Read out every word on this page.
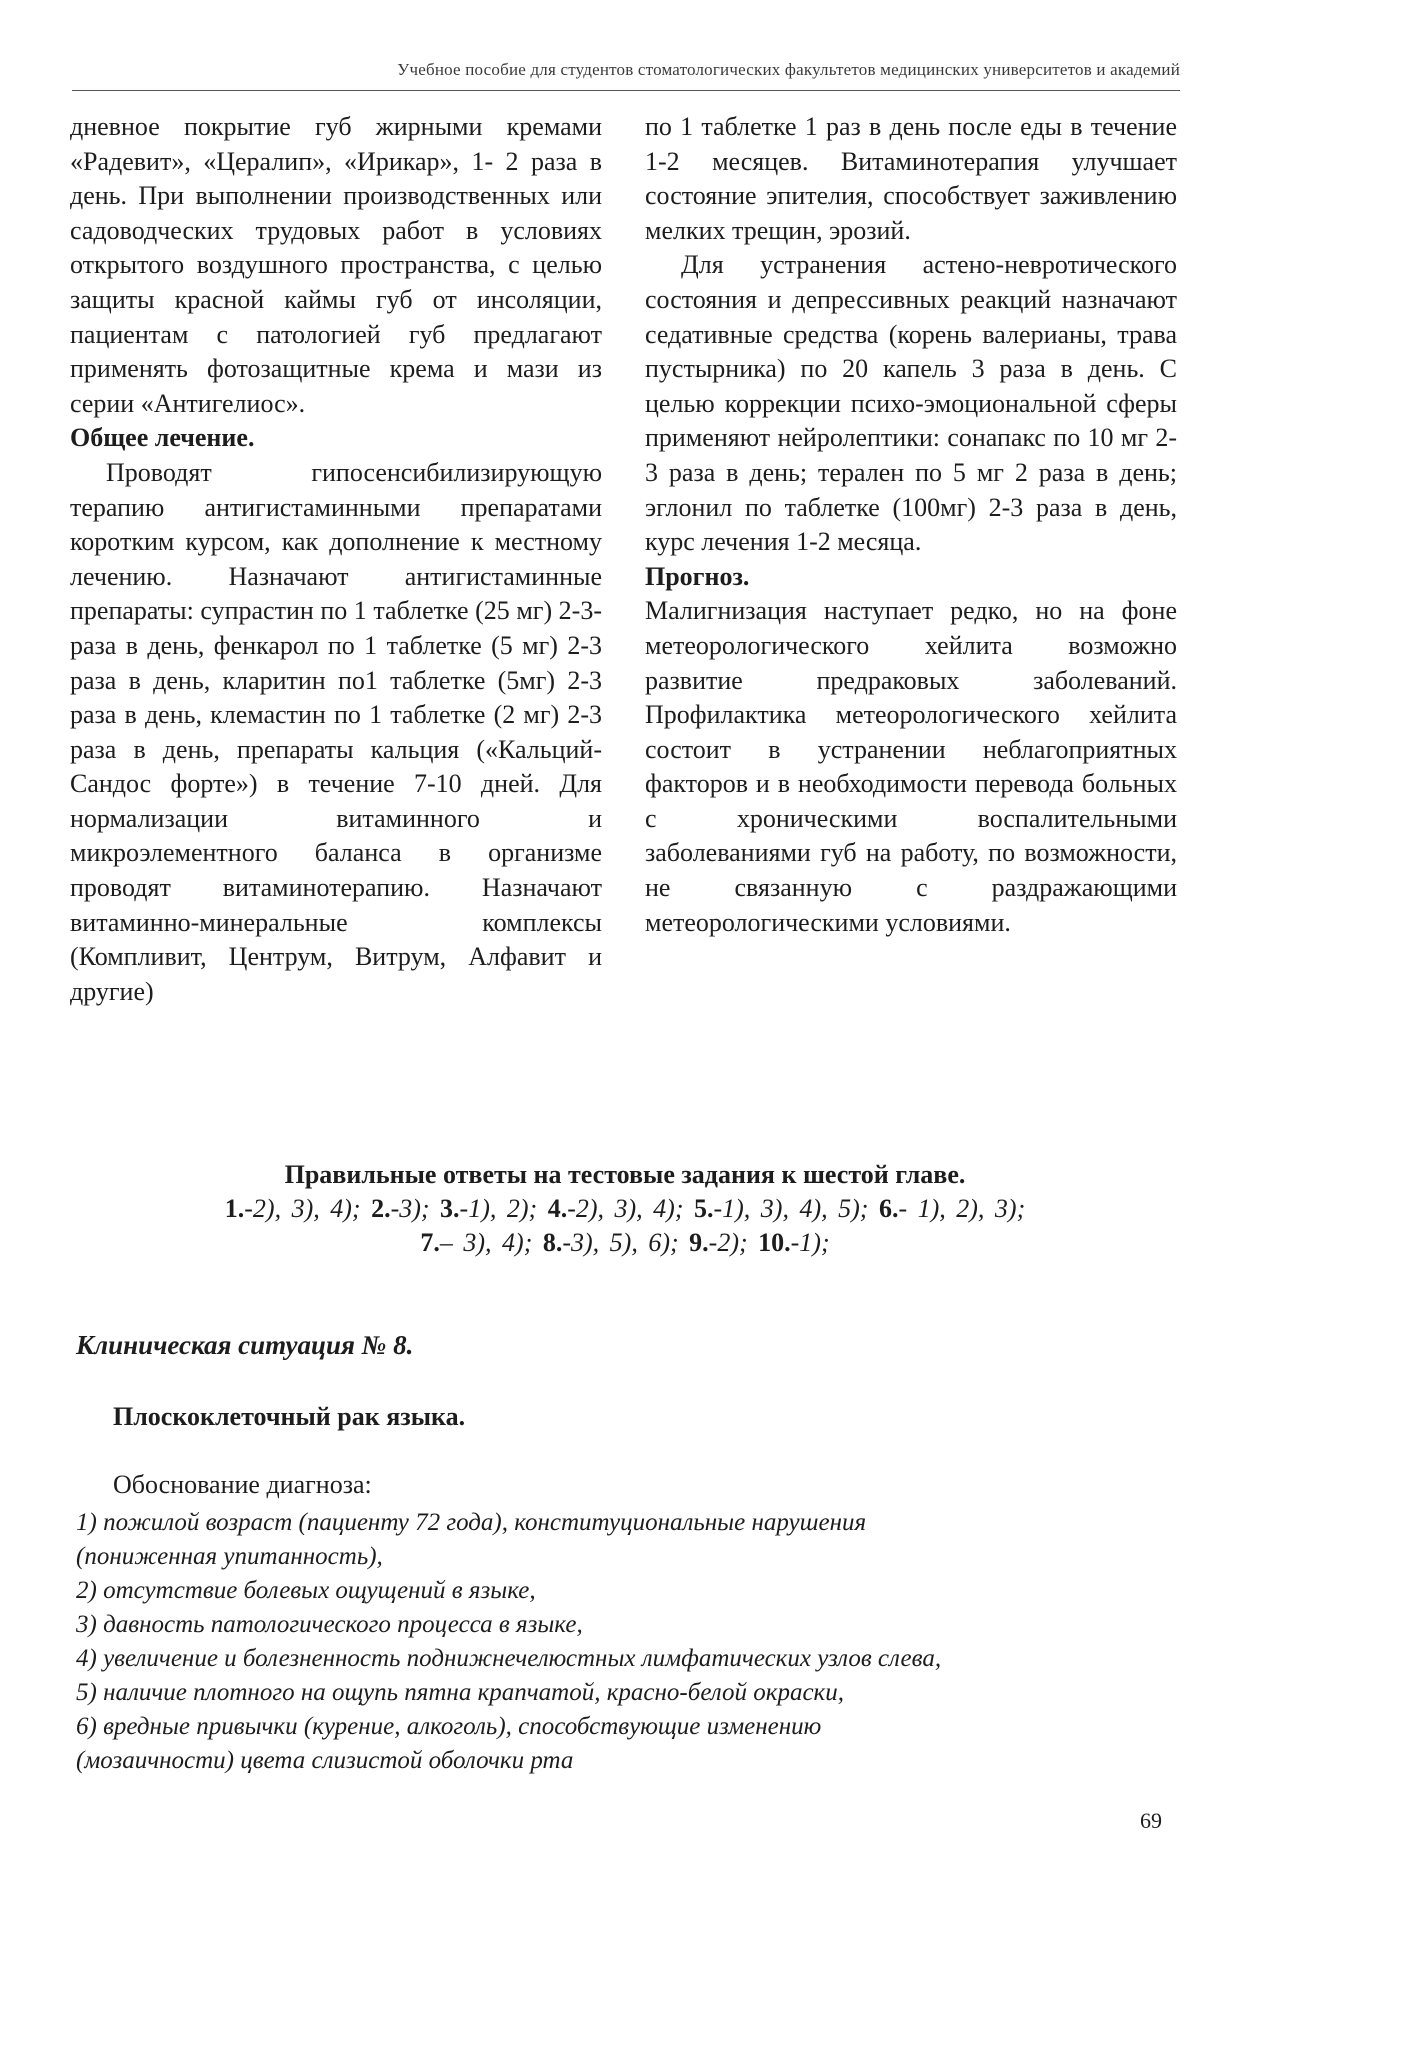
Учебное пособие для студентов стоматологических факультетов медицинских университетов и академий

дневное покрытие губ жирными кремами «Радевит», «Цералип», «Ирикар», 1- 2 раза в день. При выполнении производственных или садоводческих трудовых работ в условиях открытого воздушного пространства, с целью защиты красной каймы губ от инсоляции, пациентам с патологией губ предлагают применять фотозащитные крема и мази из серии «Антигелиос».

Общее лечение.

Проводят гипосенсибилизирующую терапию антигистаминными препаратами коротким курсом, как дополнение к местному лечению. Назначают антигистаминные препараты: супрастин по 1 таблетке (25 мг) 2-3- раза в день, фенкарол по 1 таблетке (5 мг) 2-3 раза в день, кларитин по1 таблетке (5мг) 2-3 раза в день, клемастин по 1 таблетке (2 мг) 2-3 раза в день, препараты кальция («Кальций-Сандос форте») в течение 7-10 дней. Для нормализации витаминного и микроэлементного баланса в организме проводят витаминотерапию. Назначают витаминно-минеральные комплексы (Компливит, Центрум, Витрум, Алфавит и другие)

по 1 таблетке 1 раз в день после еды в течение 1-2 месяцев. Витаминотерапия улучшает состояние эпителия, способствует заживлению мелких трещин, эрозий.

Для устранения астено-невротического состояния и депрессивных реакций назначают седативные средства (корень валерианы, трава пустырника) по 20 капель 3 раза в день. С целью коррекции психо-эмоциональной сферы применяют нейролептики: сонапакс по 10 мг 2-3 раза в день; терален по 5 мг 2 раза в день; эглонил по таблетке (100мг) 2-3 раза в день, курс лечения 1-2 месяца.

Прогноз.

Малигнизация наступает редко, но на фоне метеорологического хейлита возможно развитие предраковых заболеваний. Профилактика метеорологического хейлита состоит в устранении неблагоприятных факторов и в необходимости перевода больных с хроническими воспалительными заболеваниями губ на работу, по возможности, не связанную с раздражающими метеорологическими условиями.

Правильные ответы на тестовые задания к шестой главе.
1.-2), 3), 4); 2.-3); 3.-1), 2); 4.-2), 3), 4); 5.-1), 3), 4), 5); 6.- 1), 2), 3);
7.– 3), 4); 8.-3), 5), 6); 9.-2); 10.-1);
Клиническая ситуация № 8.
Плоскоклеточный рак языка.
Обоснование диагноза:
1) пожилой возраст (пациенту 72 года), конституциональные нарушения
(пониженная упитанность),
2) отсутствие болевых ощущений в языке,
3) давность патологического процесса в языке,
4) увеличение и болезненность поднижнечелюстных лимфатических узлов слева,
5) наличие плотного на ощупь пятна крапчатой, красно-белой окраски,
6) вредные привычки (курение, алкоголь), способствующие изменению
(мозаичности) цвета слизистой оболочки рта
69
